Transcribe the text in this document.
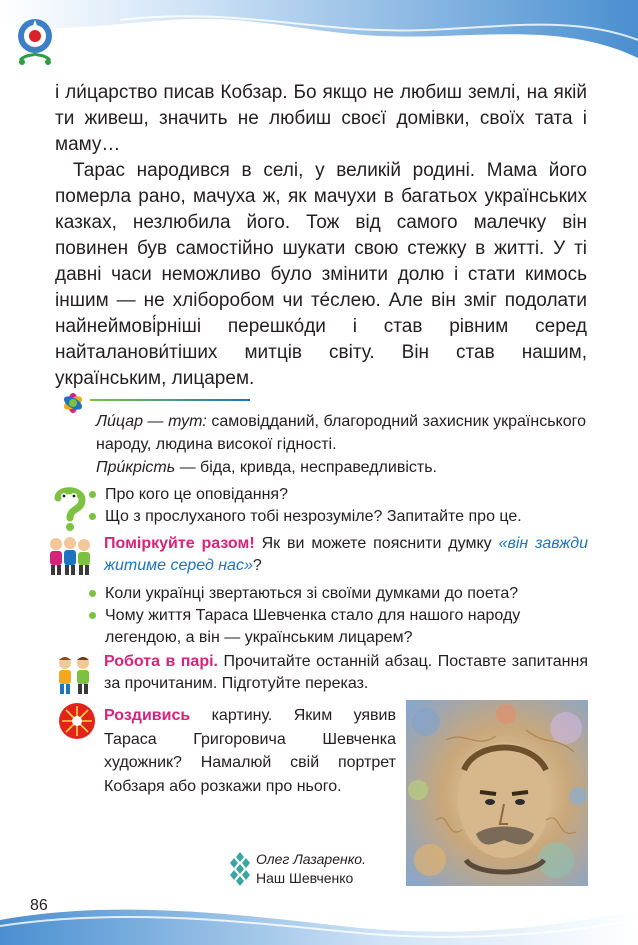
і ли́царство писав Кобзар. Бо якщо не любиш землі, на якій ти живеш, значить не любиш своєї домівки, своїх тата і маму…

Тарас народився в селі, у великій родині. Мама його померла рано, мачуха ж, як мачухи в багатьох українських казках, незлюбила його. Тож від самого малечку він повинен був самостійно шукати свою стежку в житті. У ті давні часи неможливо було змінити долю і стати кимось іншим — не хліборобом чи те́слею. Але він зміг подолати найнеймові́рніші перешко́ди і став рівним серед найталанови́тіших митців світу. Він став нашим, українським, лицарем.

Ли́цар — тут: самовідданий, благородний захисник українського народу, людина високої гідності.

При́крість — біда, кривда, несправедливість.

Про кого це оповідання?
Що з прослуханого тобі незрозуміле? Запитайте про це.

Поміркуйте разом! Як ви можете пояснити думку «він завжди житиме серед нас»?

Коли українці звертаються зі своїми думками до поета?
Чому життя Тараса Шевченка стало для нашого народу легендою, а він — українським лицарем?

Робота в парі. Прочитайте останній абзац. Поставте запитання за прочитаним. Підготуйте переказ.

Роздивись картину. Яким уявив Тараса Григоровича Шевченка художник? Намалюй свій портрет Кобзаря або розкажи про нього.

Олег Лазаренко.
Наш Шевченко
86
